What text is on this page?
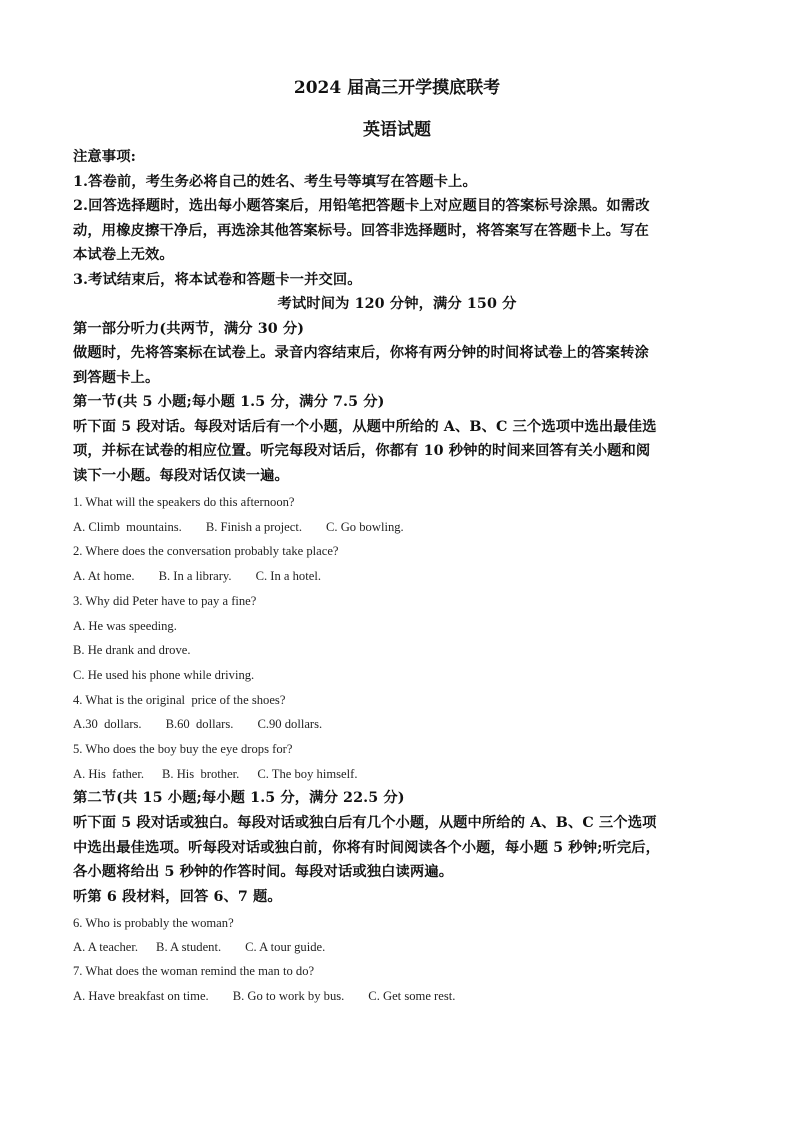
2024 届高三开学摸底联考
英语试题
注意事项:
1.答卷前，考生务必将自己的姓名、考生号等填写在答题卡上。
2.回答选择题时，选出每小题答案后，用铅笔把答题卡上对应题目的答案标号涂黑。如需改
动，用橡皮擦干净后，再选涂其他答案标号。回答非选择题时，将答案写在答题卡上。写在
本试卷上无效。
3.考试结束后，将本试卷和答题卡一并交回。
考试时间为 120 分钟，满分 150 分
第一部分听力(共两节，满分 30 分)
做题时，先将答案标在试卷上。录音内容结束后，你将有两分钟的时间将试卷上的答案转涂
到答题卡上。
第一节(共 5 小题;每小题 1.5 分，满分 7.5 分)
听下面 5 段对话。每段对话后有一个小题，从题中所给的 A、B、C 三个选项中选出最佳选
项，并标在试卷的相应位置。听完每段对话后，你都有 10 秒钟的时间来回答有关小题和阅
读下一小题。每段对话仅读一遍。
1. What will the speakers do this afternoon?
A. Climb  mountains. B. Finish a project. C. Go bowling.
2. Where does the conversation probably take place?
A. At home. B. In a library. C. In a hotel.
3. Why did Peter have to pay a fine?
A. He was speeding.
B. He drank and drove.
C. He used his phone while driving.
4. What is the original  price of the shoes?
A.30  dollars. B.60  dollars. C.90 dollars.
5. Who does the boy buy the eye drops for?
A. His  father. B. His  brother. C. The boy himself.
第二节(共 15 小题;每小题 1.5 分，满分 22.5 分)
听下面 5 段对话或独白。每段对话或独白后有几个小题，从题中所给的 A、B、C 三个选项
中选出最佳选项。听每段对话或独白前，你将有时间阅读各个小题，每小题 5 秒钟;听完后，
各小题将给出 5 秒钟的作答时间。每段对话或独白读两遍。
听第 6 段材料，回答 6、7 题。
6. Who is probably the woman?
A. A teacher. B. A student. C. A tour guide.
7. What does the woman remind the man to do?
A. Have breakfast on time. B. Go to work by bus. C. Get some rest.
